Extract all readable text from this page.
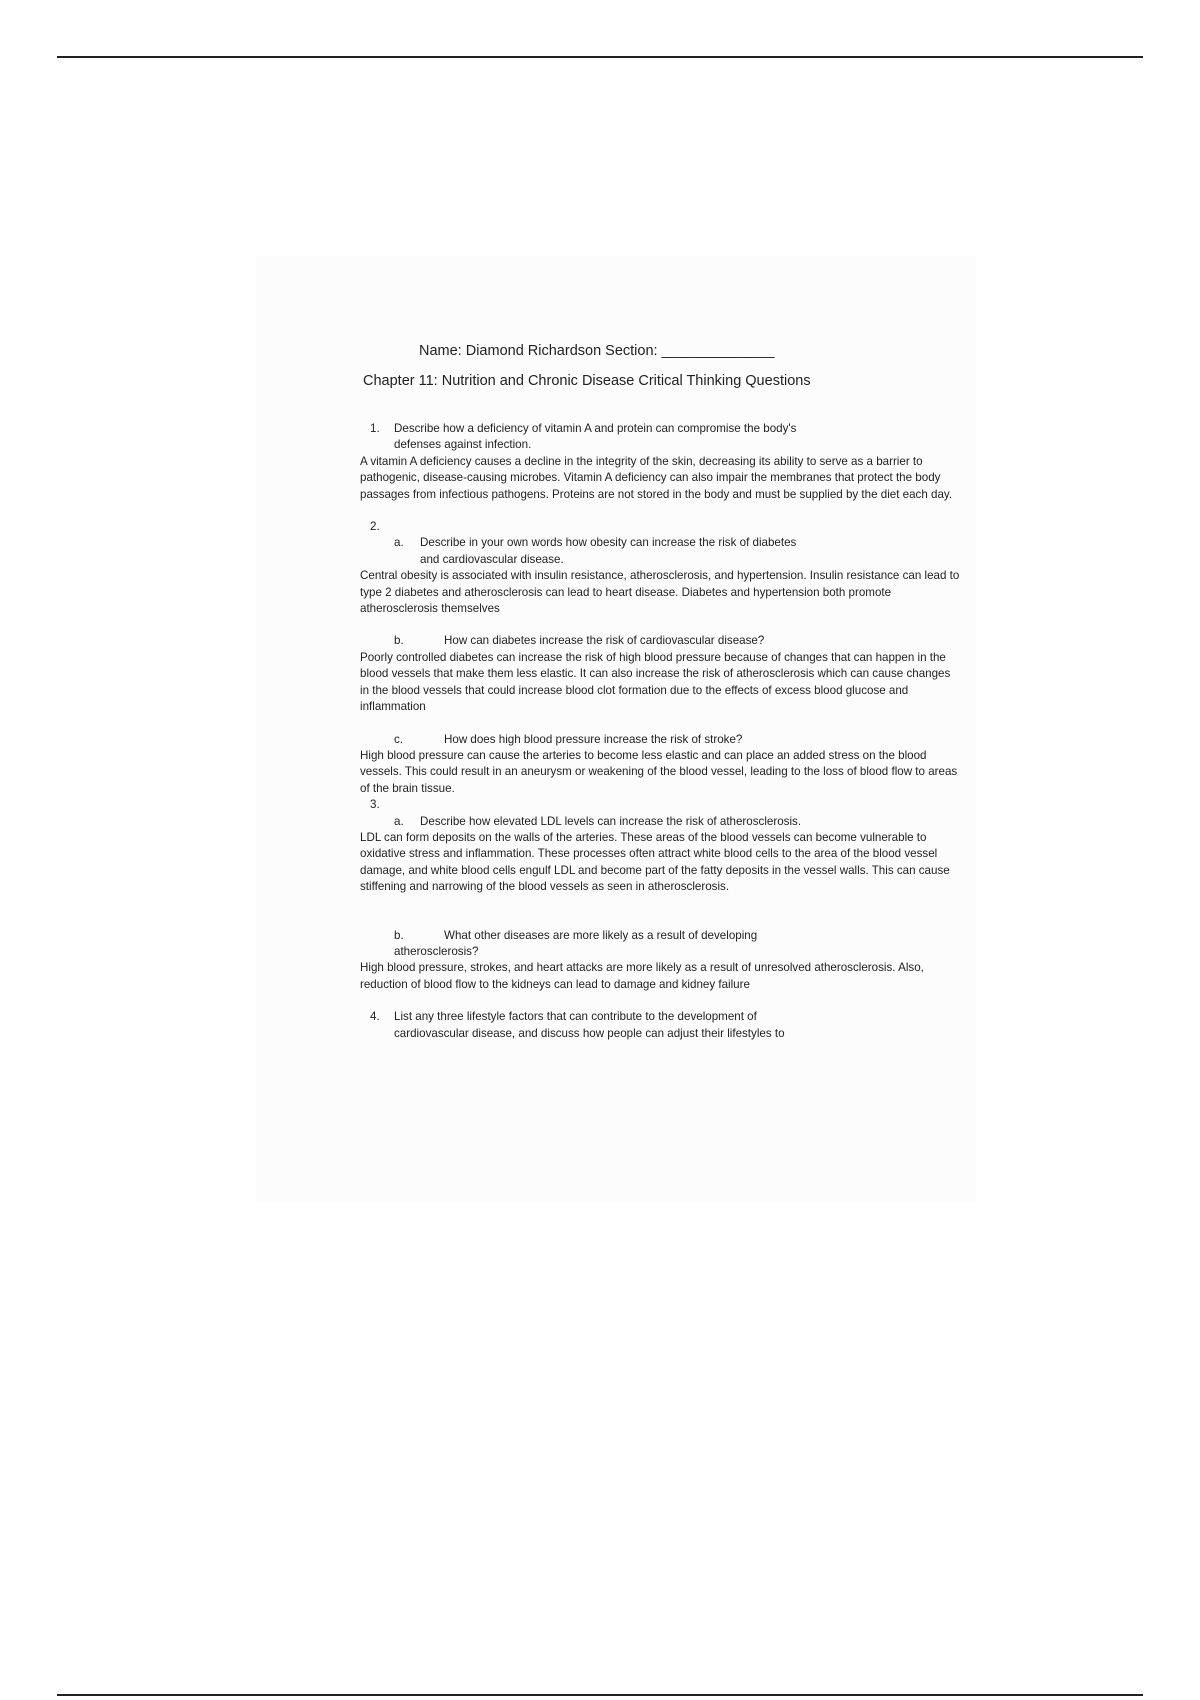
Name: Diamond Richardson Section: ______________
Chapter 11: Nutrition and Chronic Disease Critical Thinking Questions
1.	Describe how a deficiency of vitamin A and protein can compromise the body's
defenses against infection.
A vitamin A deficiency causes a decline in the integrity of the skin, decreasing its ability to serve as a barrier to pathogenic, disease-causing microbes. Vitamin A deficiency can also impair the membranes that protect the body passages from infectious pathogens. Proteins are not stored in the body and must be supplied by the diet each day.
2.

a. Describe in your own words how obesity can increase the risk of diabetes
and cardiovascular disease.
Central obesity is associated with insulin resistance, atherosclerosis, and hypertension. Insulin resistance can lead to type 2 diabetes and atherosclerosis can lead to heart disease. Diabetes and hypertension both promote atherosclerosis themselves
b.	How can diabetes increase the risk of cardiovascular disease?
Poorly controlled diabetes can increase the risk of high blood pressure because of changes that can happen in the blood vessels that make them less elastic. It can also increase the risk of atherosclerosis which can cause changes in the blood vessels that could increase blood clot formation due to the effects of excess blood glucose and inflammation
c.	How does high blood pressure increase the risk of stroke?
High blood pressure can cause the arteries to become less elastic and can place an added stress on the blood vessels. This could result in an aneurysm or weakening of the blood vessel, leading to the loss of blood flow to areas of the brain tissue.
3.

a. Describe how elevated LDL levels can increase the risk of atherosclerosis.
LDL can form deposits on the walls of the arteries. These areas of the blood vessels can become vulnerable to oxidative stress and inflammation. These processes often attract white blood cells to the area of the blood vessel damage, and white blood cells engulf LDL and become part of the fatty deposits in the vessel walls. This can cause stiffening and narrowing of the blood vessels as seen in atherosclerosis.
b.	What other diseases are more likely as a result of developing
atherosclerosis?
High blood pressure, strokes, and heart attacks are more likely as a result of unresolved atherosclerosis. Also, reduction of blood flow to the kidneys can lead to damage and kidney failure
4.	List any three lifestyle factors that can contribute to the development of
cardiovascular disease, and discuss how people can adjust their lifestyles to
